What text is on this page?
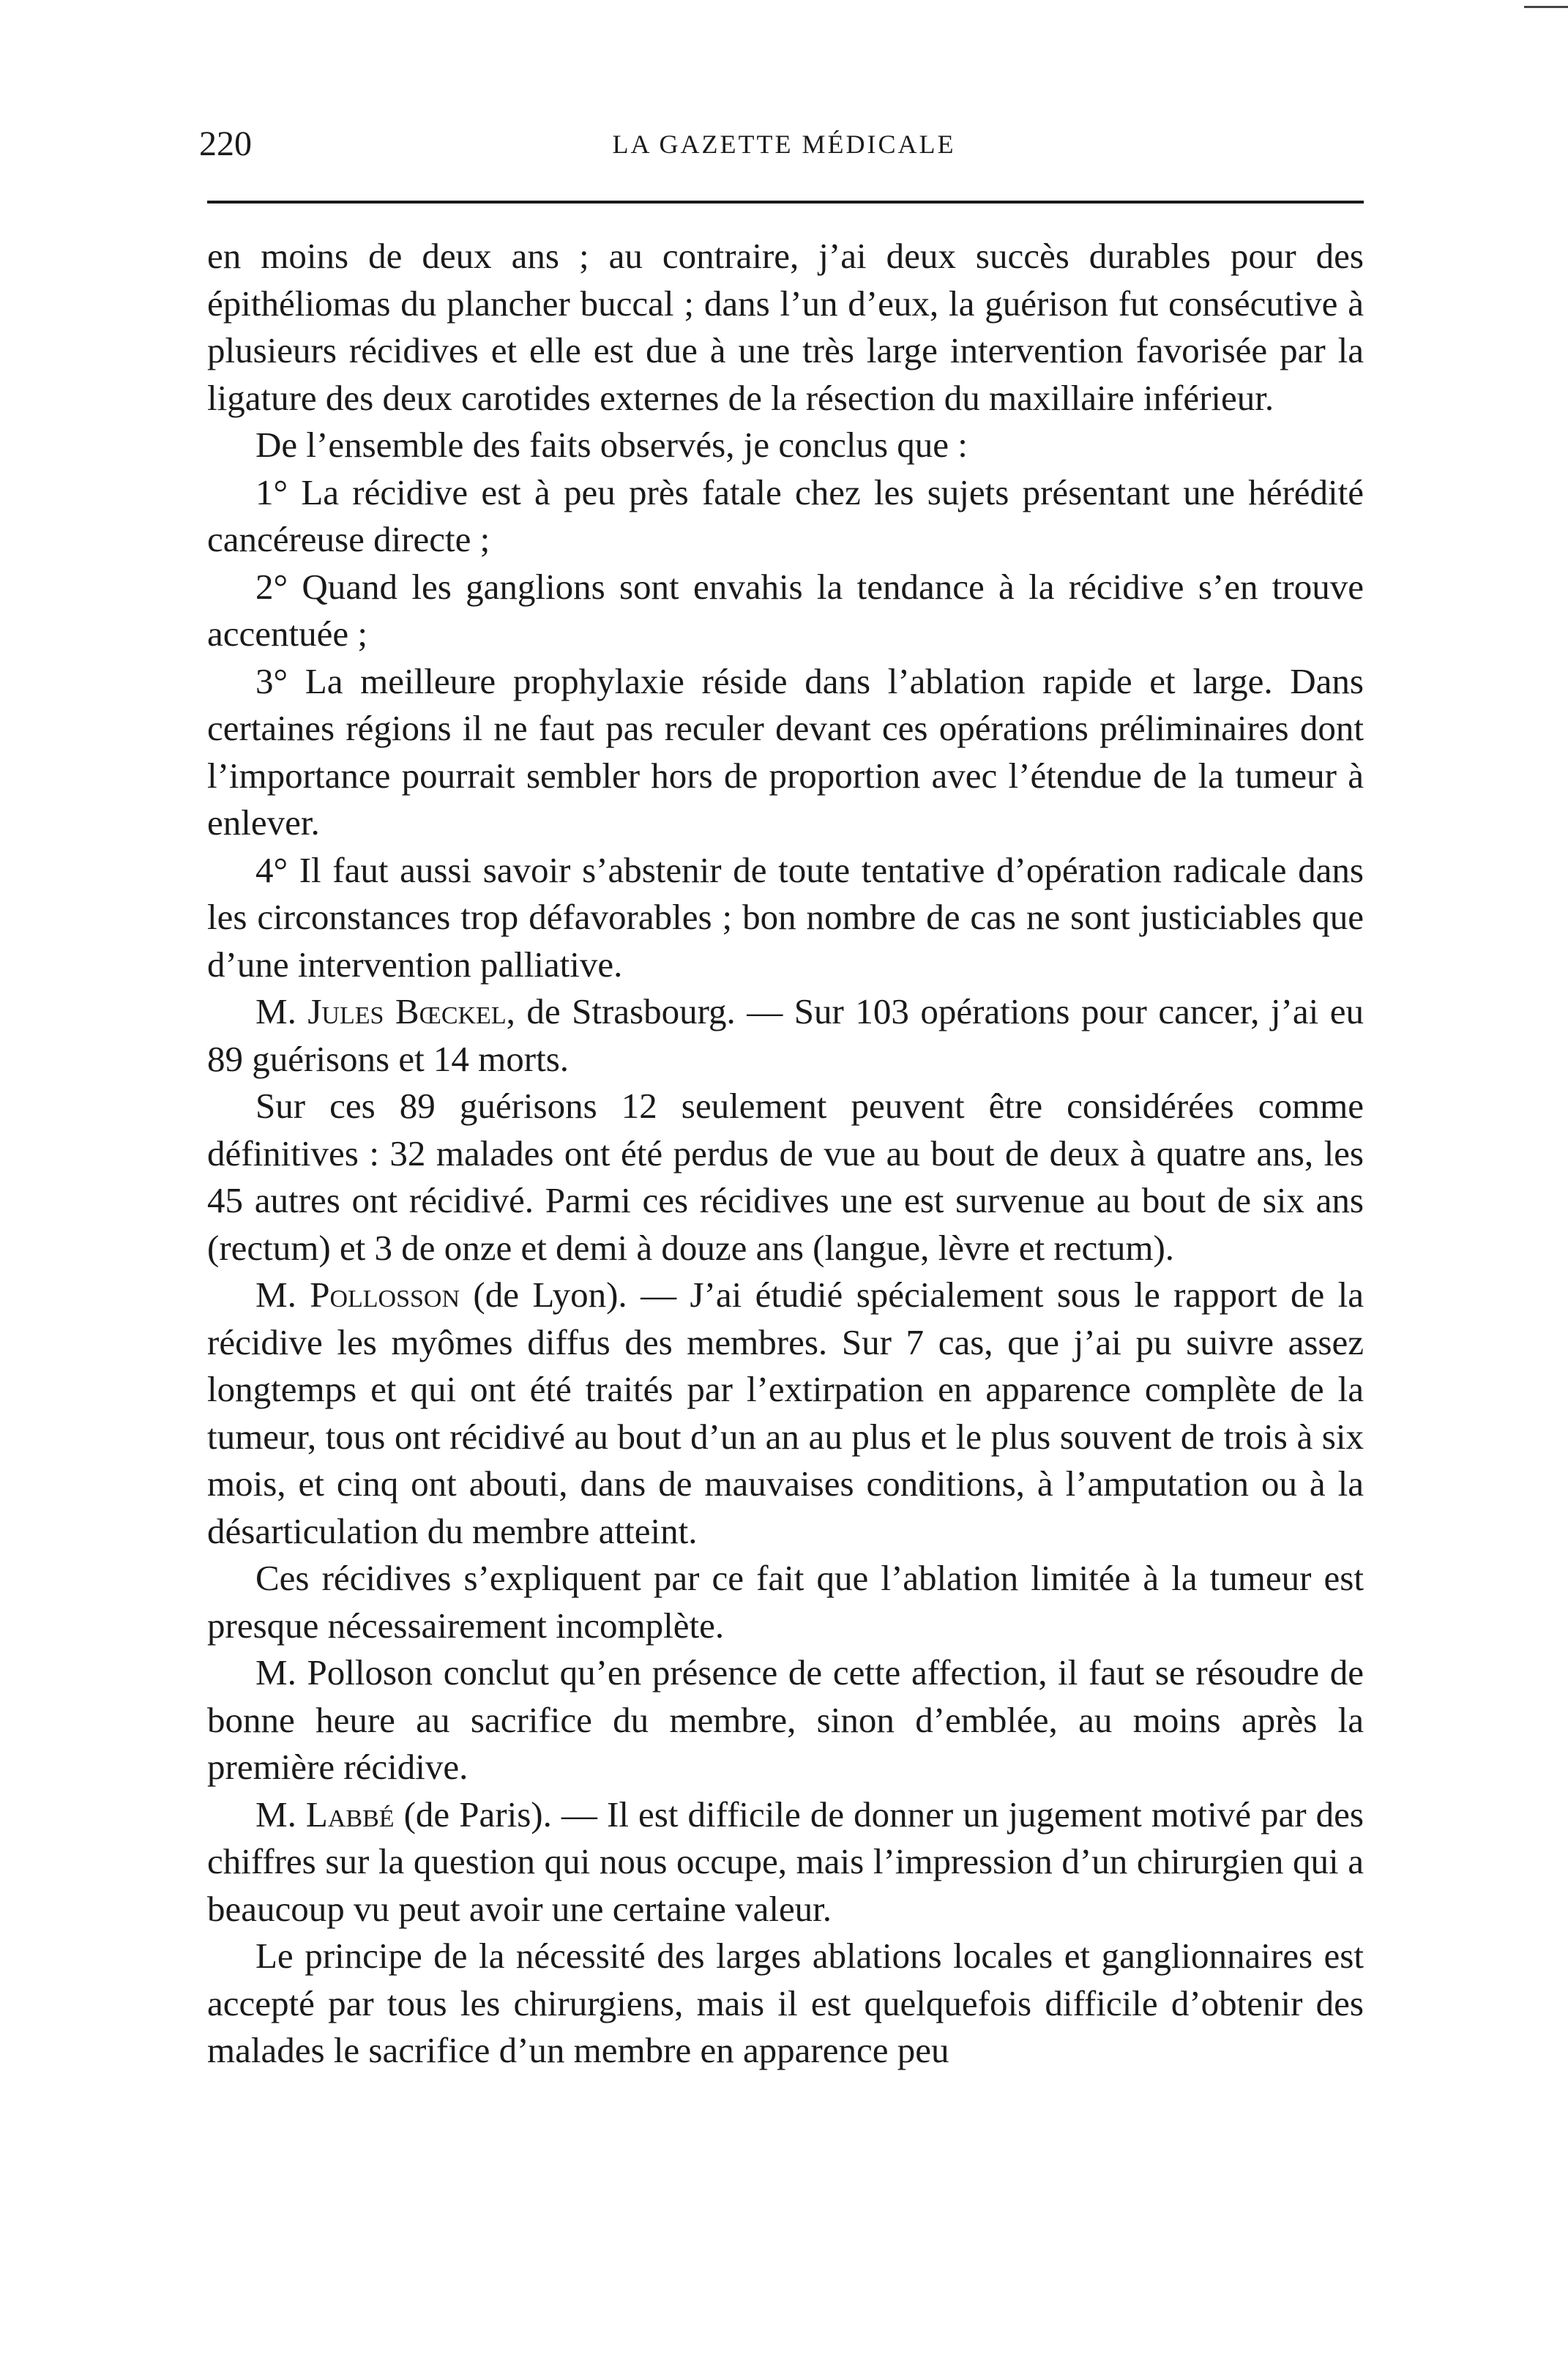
220	LA GAZETTE MÉDICALE

en moins de deux ans ; au contraire, j’ai deux succès durables pour des épithéliomas du plancher buccal ; dans l’un d’eux, la guérison fut consécutive à plusieurs récidives et elle est due à une très large intervention favorisée par la ligature des deux carotides externes de la résection du maxillaire inférieur.

De l’ensemble des faits observés, je conclus que :

1° La récidive est à peu près fatale chez les sujets présentant une hérédité cancéreuse directe ;

2° Quand les ganglions sont envahis la tendance à la récidive s’en trouve accentuée ;

3° La meilleure prophylaxie réside dans l’ablation rapide et large. Dans certaines régions il ne faut pas reculer devant ces opérations préliminaires dont l’importance pourrait sembler hors de proportion avec l’étendue de la tumeur à enlever.

4° Il faut aussi savoir s’abstenir de toute tentative d’opération radicale dans les circonstances trop défavorables ; bon nombre de cas ne sont justiciables que d’une intervention palliative.

M. Jules Bœckel, de Strasbourg. — Sur 103 opérations pour cancer, j’ai eu 89 guérisons et 14 morts.

Sur ces 89 guérisons 12 seulement peuvent être considérées comme définitives : 32 malades ont été perdus de vue au bout de deux à quatre ans, les 45 autres ont récidivé. Parmi ces récidives une est survenue au bout de six ans (rectum) et 3 de onze et demi à douze ans (langue, lèvre et rectum).

M. Pollosson (de Lyon). — J’ai étudié spécialement sous le rapport de la récidive les myômes diffus des membres. Sur 7 cas, que j’ai pu suivre assez longtemps et qui ont été traités par l’extirpation en apparence complète de la tumeur, tous ont récidivé au bout d’un an au plus et le plus souvent de trois à six mois, et cinq ont abouti, dans de mauvaises conditions, à l’amputation ou à la désarticulation du membre atteint.

Ces récidives s’expliquent par ce fait que l’ablation limitée à la tumeur est presque nécessairement incomplète.

M. Polloson conclut qu’en présence de cette affection, il faut se résoudre de bonne heure au sacrifice du membre, sinon d’emblée, au moins après la première récidive.

M. Labbé (de Paris). — Il est difficile de donner un jugement motivé par des chiffres sur la question qui nous occupe, mais l’impression d’un chirurgien qui a beaucoup vu peut avoir une certaine valeur.

Le principe de la nécessité des larges ablations locales et ganglionnaires est accepté par tous les chirurgiens, mais il est quelquefois difficile d’obtenir des malades le sacrifice d’un membre en apparence peu
